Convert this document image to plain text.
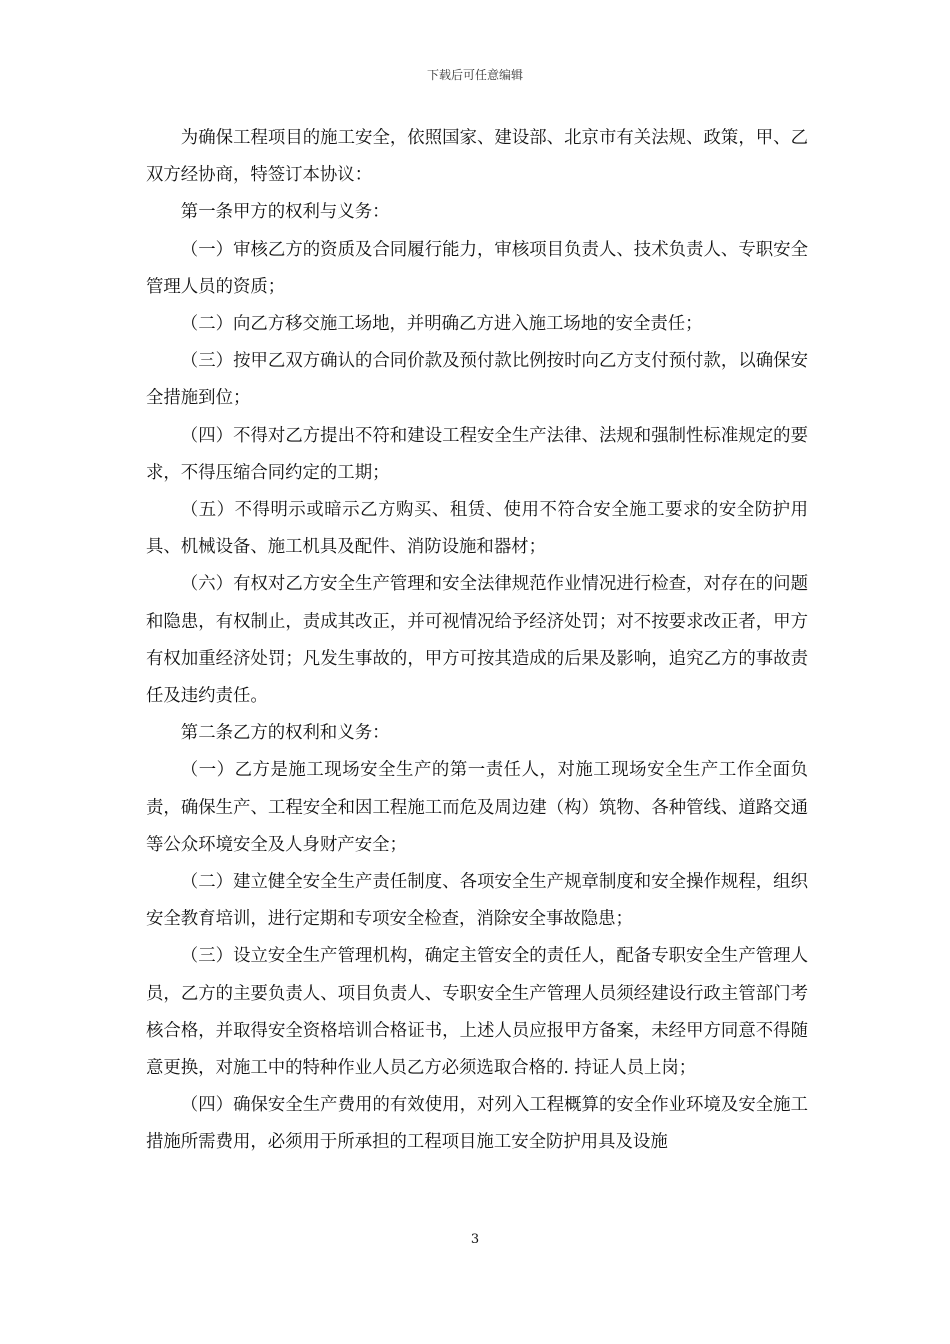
下载后可任意编辑

为确保工程项目的施工安全，依照国家、建设部、北京市有关法规、政策，甲、乙双方经协商，特签订本协议：

第一条甲方的权利与义务：

（一）审核乙方的资质及合同履行能力，审核项目负责人、技术负责人、专职安全管理人员的资质；

（二）向乙方移交施工场地，并明确乙方进入施工场地的安全责任；

（三）按甲乙双方确认的合同价款及预付款比例按时向乙方支付预付款，以确保安全措施到位；

（四）不得对乙方提出不符和建设工程安全生产法律、法规和强制性标准规定的要求，不得压缩合同约定的工期；

（五）不得明示或暗示乙方购买、租赁、使用不符合安全施工要求的安全防护用具、机械设备、施工机具及配件、消防设施和器材；

（六）有权对乙方安全生产管理和安全法律规范作业情况进行检查，对存在的问题和隐患，有权制止，责成其改正，并可视情况给予经济处罚；对不按要求改正者，甲方有权加重经济处罚；凡发生事故的，甲方可按其造成的后果及影响，追究乙方的事故责任及违约责任。

第二条乙方的权利和义务：

（一）乙方是施工现场安全生产的第一责任人，对施工现场安全生产工作全面负责，确保生产、工程安全和因工程施工而危及周边建（构）筑物、各种管线、道路交通等公众环境安全及人身财产安全；

（二）建立健全安全生产责任制度、各项安全生产规章制度和安全操作规程，组织安全教育培训，进行定期和专项安全检查，消除安全事故隐患；

（三）设立安全生产管理机构，确定主管安全的责任人，配备专职安全生产管理人员，乙方的主要负责人、项目负责人、专职安全生产管理人员须经建设行政主管部门考核合格，并取得安全资格培训合格证书，上述人员应报甲方备案，未经甲方同意不得随意更换，对施工中的特种作业人员乙方必须选取合格的. 持证人员上岗；

（四）确保安全生产费用的有效使用，对列入工程概算的安全作业环境及安全施工措施所需费用，必须用于所承担的工程项目施工安全防护用具及设施

3
